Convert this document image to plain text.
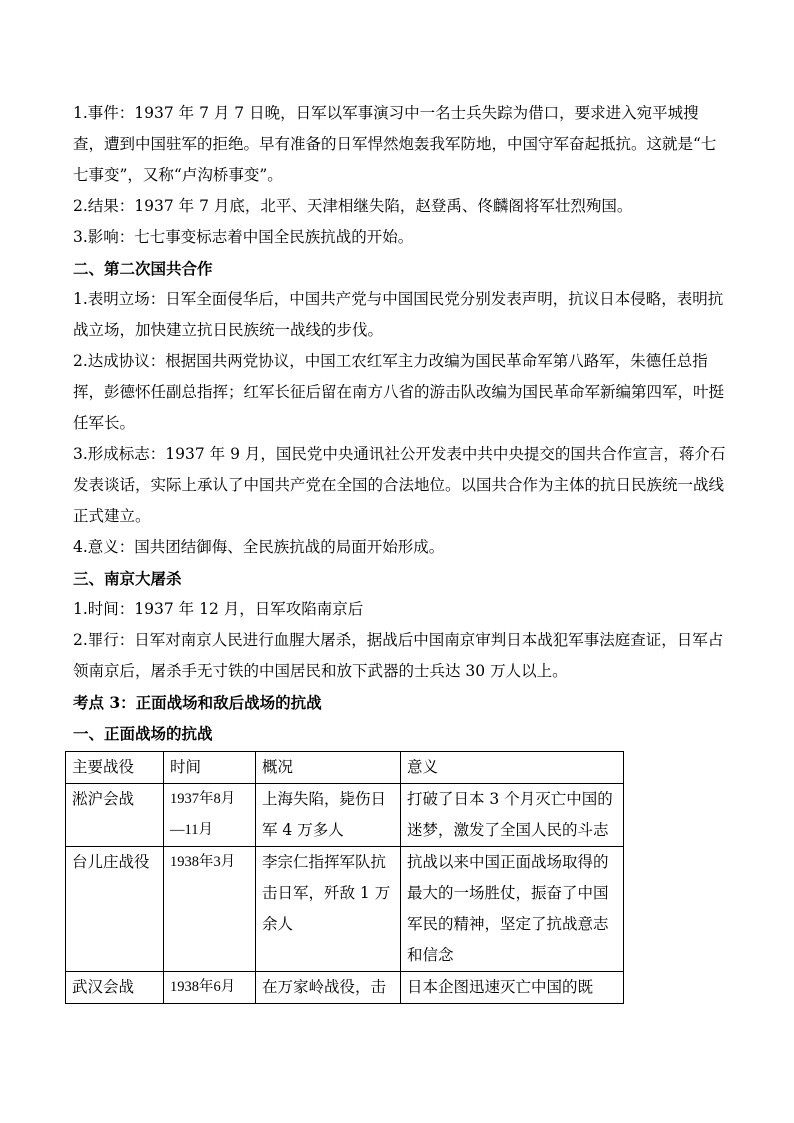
1.事件：1937 年 7 月 7 日晚，日军以军事演习中一名士兵失踪为借口，要求进入宛平城搜查，遭到中国驻军的拒绝。早有准备的日军悍然炮轰我军防地，中国守军奋起抵抗。这就是“七七事变”，又称“卢沟桥事变”。

2.结果：1937 年 7 月底，北平、天津相继失陷，赵登禹、佟麟阁将军壮烈殉国。

3.影响：七七事变标志着中国全民族抗战的开始。

二、第二次国共合作

1.表明立场：日军全面侵华后，中国共产党与中国国民党分别发表声明，抗议日本侵略，表明抗战立场，加快建立抗日民族统一战线的步伐。

2.达成协议：根据国共两党协议，中国工农红军主力改编为国民革命军第八路军，朱德任总指挥，彭德怀任副总指挥；红军长征后留在南方八省的游击队改编为国民革命军新编第四军，叶挺任军长。

3.形成标志：1937 年 9 月，国民党中央通讯社公开发表中共中央提交的国共合作宣言，蒋介石发表谈话，实际上承认了中国共产党在全国的合法地位。以国共合作为主体的抗日民族统一战线正式建立。

4.意义：国共团结御侮、全民族抗战的局面开始形成。

三、南京大屠杀

1.时间：1937 年 12 月，日军攻陷南京后

2.罪行：日军对南京人民进行血腥大屠杀，据战后中国南京审判日本战犯军事法庭查证，日军占领南京后，屠杀手无寸铁的中国居民和放下武器的士兵达 30 万人以上。

考点 3：正面战场和敌后战场的抗战

一、正面战场的抗战

主要战役	时间	概况	意义
淞沪会战	1937年8月—11月	上海失陷，毙伤日军 4 万多人	打破了日本 3 个月灭亡中国的迷梦，激发了全国人民的斗志
台儿庄战役	1938年3月	李宗仁指挥军队抗击日军，歼敌 1 万余人	抗战以来中国正面战场取得的最大的一场胜仗，振奋了中国军民的精神，坚定了抗战意志和信念
武汉会战	1938年6月	在万家岭战役，击	日本企图迅速灭亡中国的既
